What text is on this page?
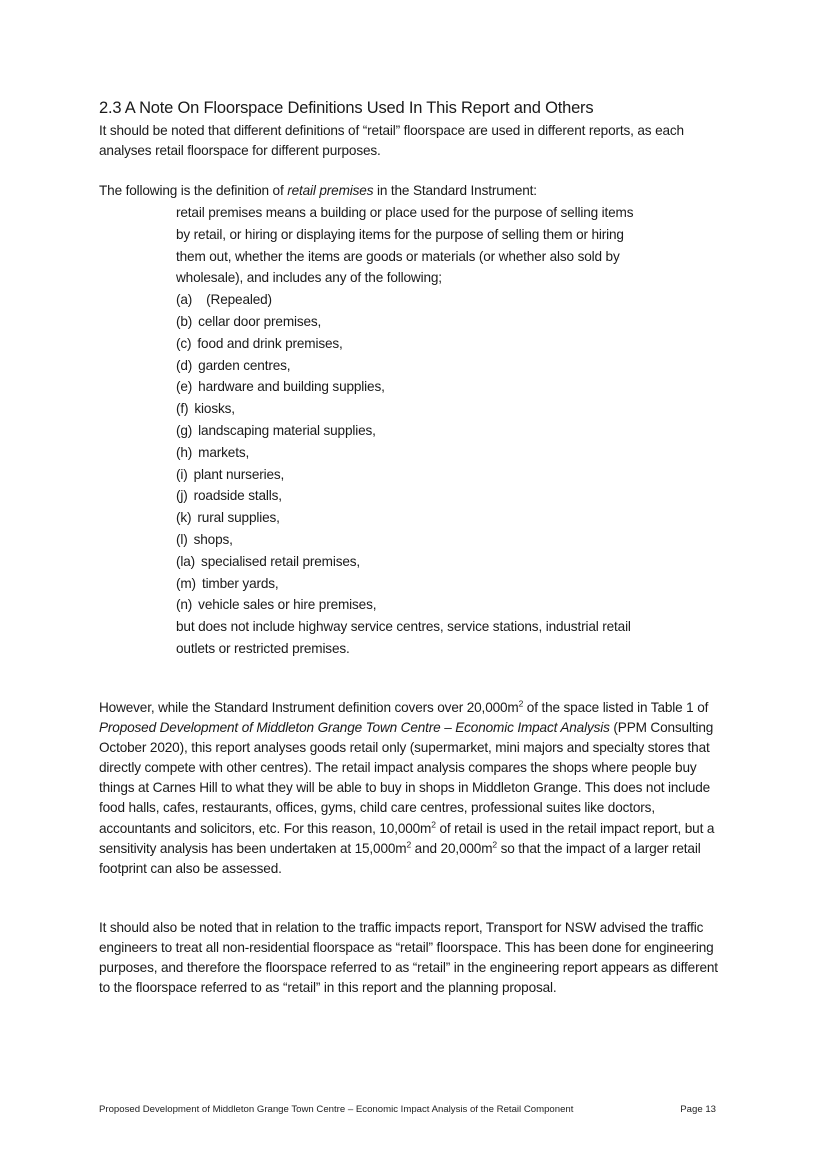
2.3 A Note On Floorspace Definitions Used In This Report and Others

It should be noted that different definitions of “retail” floorspace are used in different reports, as each analyses retail floorspace for different purposes.

The following is the definition of retail premises in the Standard Instrument:

retail premises means a building or place used for the purpose of selling items by retail, or hiring or displaying items for the purpose of selling them or hiring them out, whether the items are goods or materials (or whether also sold by wholesale), and includes any of the following;
(a) (Repealed)
(b) cellar door premises,
(c) food and drink premises,
(d) garden centres,
(e) hardware and building supplies,
(f) kiosks,
(g) landscaping material supplies,
(h) markets,
(i) plant nurseries,
(j) roadside stalls,
(k) rural supplies,
(l) shops,
(la) specialised retail premises,
(m) timber yards,
(n) vehicle sales or hire premises,
but does not include highway service centres, service stations, industrial retail outlets or restricted premises.

However, while the Standard Instrument definition covers over $20,000m^2$ of the space listed in Table 1 of Proposed Development of Middleton Grange Town Centre – Economic Impact Analysis (PPM Consulting October 2020), this report analyses goods retail only (supermarket, mini majors and specialty stores that directly compete with other centres). The retail impact analysis compares the shops where people buy things at Carnes Hill to what they will be able to buy in shops in Middleton Grange. This does not include food halls, cafes, restaurants, offices, gyms, child care centres, professional suites like doctors, accountants and solicitors, etc. For this reason, $10,000m^2$ of retail is used in the retail impact report, but a sensitivity analysis has been undertaken at $15,000m^2$ and $20,000m^2$ so that the impact of a larger retail footprint can also be assessed.

It should also be noted that in relation to the traffic impacts report, Transport for NSW advised the traffic engineers to treat all non-residential floorspace as “retail” floorspace. This has been done for engineering purposes, and therefore the floorspace referred to as “retail” in the engineering report appears as different to the floorspace referred to as “retail” in this report and the planning proposal.

Proposed Development of Middleton Grange Town Centre – Economic Impact Analysis of the Retail Component	Page 13
